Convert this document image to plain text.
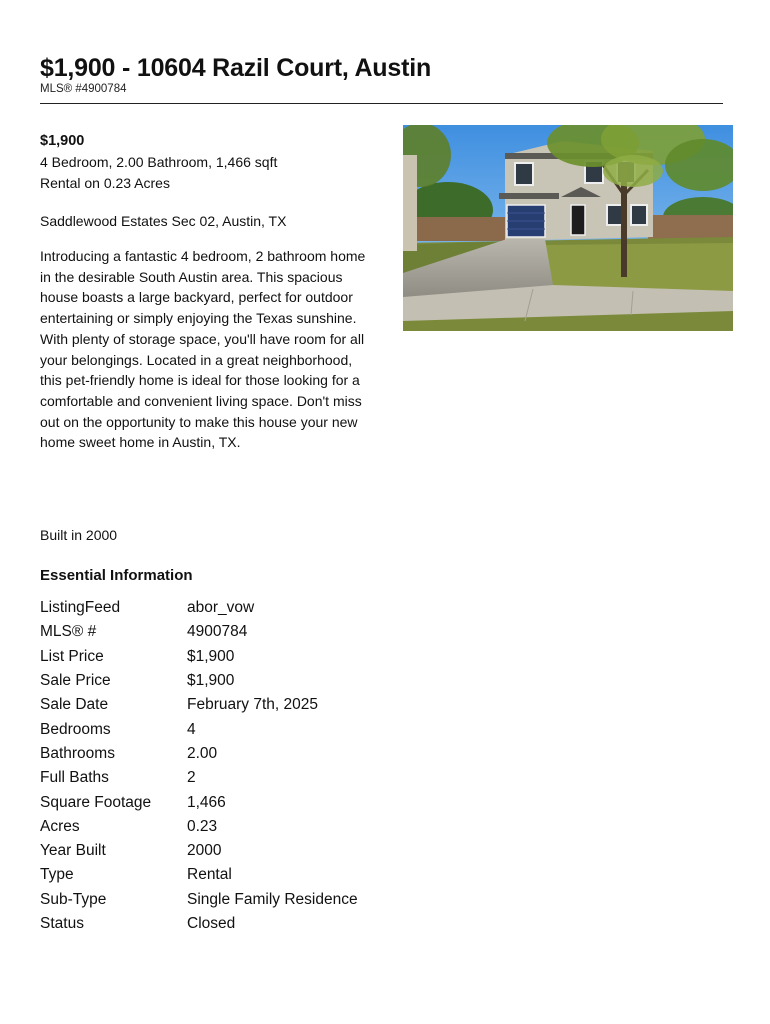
$1,900 - 10604 Razil Court, Austin
MLS® #4900784
$1,900
4 Bedroom, 2.00 Bathroom, 1,466 sqft
Rental on 0.23 Acres
Saddlewood Estates Sec 02, Austin, TX

Introducing a fantastic 4 bedroom, 2 bathroom home in the desirable South Austin area. This spacious house boasts a large backyard, perfect for outdoor entertaining or simply enjoying the Texas sunshine. With plenty of storage space, you'll have room for all your belongings. Located in a great neighborhood, this pet-friendly home is ideal for those looking for a comfortable and convenient living space. Don't miss out on the opportunity to make this house your new home sweet home in Austin, TX.

Built in 2000
Essential Information
ListingFeed	abor_vow
MLS® #	4900784
List Price	$1,900
Sale Price	$1,900
Sale Date	February 7th, 2025
Bedrooms	4
Bathrooms	2.00
Full Baths	2
Square Footage	1,466
Acres	0.23
Year Built	2000
Type	Rental
Sub-Type	Single Family Residence
Status	Closed
